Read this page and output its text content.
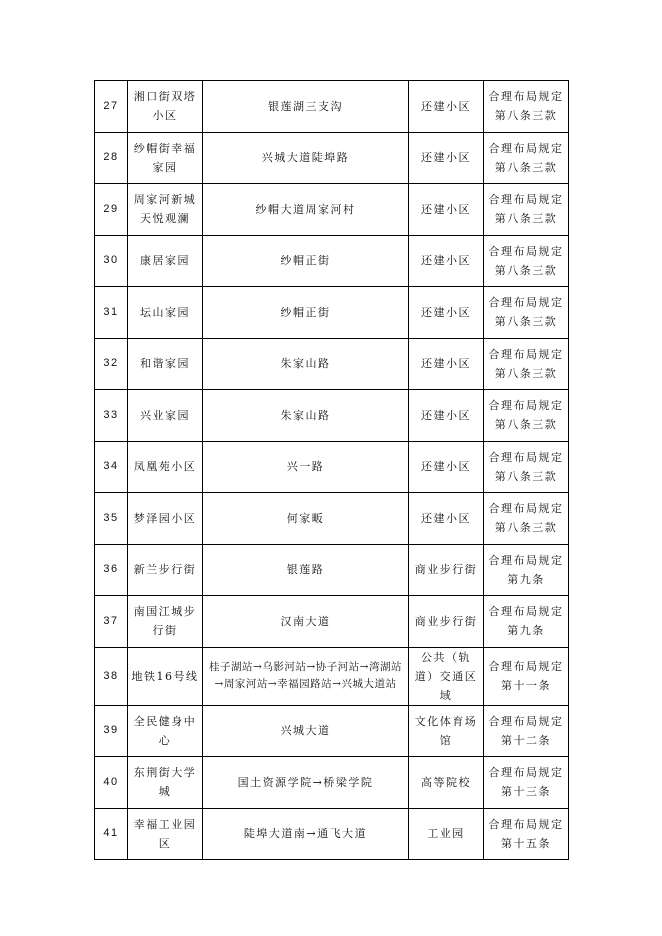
27	湘口街双塔小区	银莲湖三支沟	还建小区	合理布局规定第八条三款
28	纱帽街幸福家园	兴城大道陡埠路	还建小区	合理布局规定第八条三款
29	周家河新城天悦观澜	纱帽大道周家河村	还建小区	合理布局规定第八条三款
30	康居家园	纱帽正街	还建小区	合理布局规定第八条三款
31	坛山家园	纱帽正街	还建小区	合理布局规定第八条三款
32	和谐家园	朱家山路	还建小区	合理布局规定第八条三款
33	兴业家园	朱家山路	还建小区	合理布局规定第八条三款
34	凤凰苑小区	兴一路	还建小区	合理布局规定第八条三款
35	梦泽园小区	何家畈	还建小区	合理布局规定第八条三款
36	新兰步行街	银莲路	商业步行街	合理布局规定第九条
37	南国江城步行街	汉南大道	商业步行街	合理布局规定第九条
38	地铁16号线	桂子湖站→乌影河站→协子河站→湾湖站→周家河站→幸福园路站→兴城大道站	公共（轨道）交通区域	合理布局规定第十一条
39	全民健身中心	兴城大道	文化体育场馆	合理布局规定第十二条
40	东荆街大学城	国土资源学院→桥梁学院	高等院校	合理布局规定第十三条
41	幸福工业园区	陡埠大道南→通飞大道	工业园	合理布局规定第十五条
